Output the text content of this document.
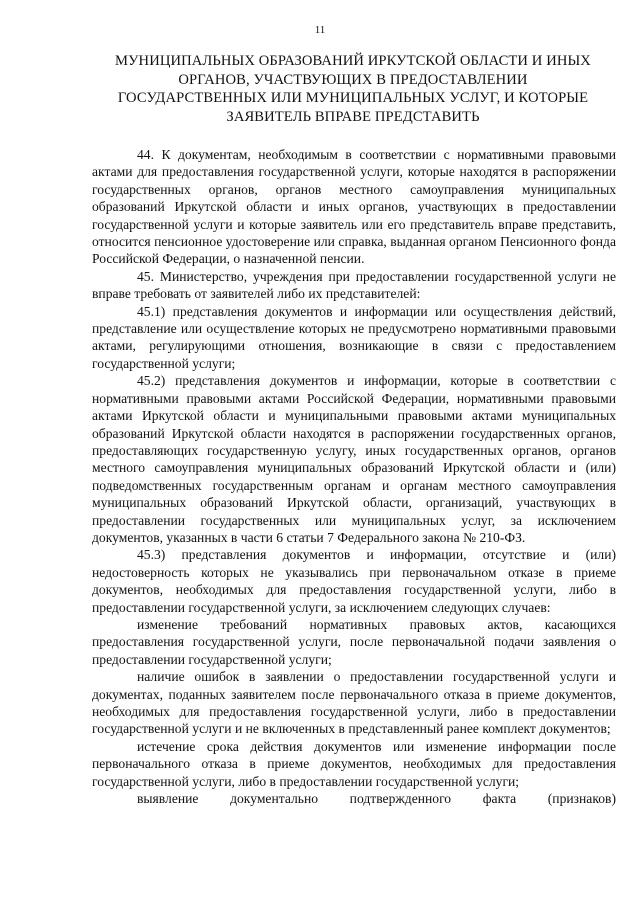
11
МУНИЦИПАЛЬНЫХ ОБРАЗОВАНИЙ ИРКУТСКОЙ ОБЛАСТИ И ИНЫХ
ОРГАНОВ, УЧАСТВУЮЩИХ В ПРЕДОСТАВЛЕНИИ
ГОСУДАРСТВЕННЫХ ИЛИ МУНИЦИПАЛЬНЫХ УСЛУГ, И КОТОРЫЕ
ЗАЯВИТЕЛЬ ВПРАВЕ ПРЕДСТАВИТЬ

44. К документам, необходимым в соответствии с нормативными правовыми актами для предоставления государственной услуги, которые находятся в распоряжении государственных органов, органов местного самоуправления муниципальных образований Иркутской области и иных органов, участвующих в предоставлении государственной услуги и которые заявитель или его представитель вправе представить, относится пенсионное удостоверение или справка, выданная органом Пенсионного фонда Российской Федерации, о назначенной пенсии.

45. Министерство, учреждения при предоставлении государственной услуги не вправе требовать от заявителей либо их представителей:

45.1) представления документов и информации или осуществления действий, представление или осуществление которых не предусмотрено нормативными правовыми актами, регулирующими отношения, возникающие в связи с предоставлением государственной услуги;

45.2) представления документов и информации, которые в соответствии с нормативными правовыми актами Российской Федерации, нормативными правовыми актами Иркутской области и муниципальными правовыми актами муниципальных образований Иркутской области находятся в распоряжении государственных органов, предоставляющих государственную услугу, иных государственных органов, органов местного самоуправления муниципальных образований Иркутской области и (или) подведомственных государственным органам и органам местного самоуправления муниципальных образований Иркутской области, организаций, участвующих в предоставлении государственных или муниципальных услуг, за исключением документов, указанных в части 6 статьи 7 Федерального закона № 210-ФЗ.

45.3) представления документов и информации, отсутствие и (или) недостоверность которых не указывались при первоначальном отказе в приеме документов, необходимых для предоставления государственной услуги, либо в предоставлении государственной услуги, за исключением следующих случаев:

изменение требований нормативных правовых актов, касающихся предоставления государственной услуги, после первоначальной подачи заявления о предоставлении государственной услуги;

наличие ошибок в заявлении о предоставлении государственной услуги и документах, поданных заявителем после первоначального отказа в приеме документов, необходимых для предоставления государственной услуги, либо в предоставлении государственной услуги и не включенных в представленный ранее комплект документов;

истечение срока действия документов или изменение информации после первоначального отказа в приеме документов, необходимых для предоставления государственной услуги, либо в предоставлении государственной услуги;

выявление документально подтвержденного факта (признаков)
